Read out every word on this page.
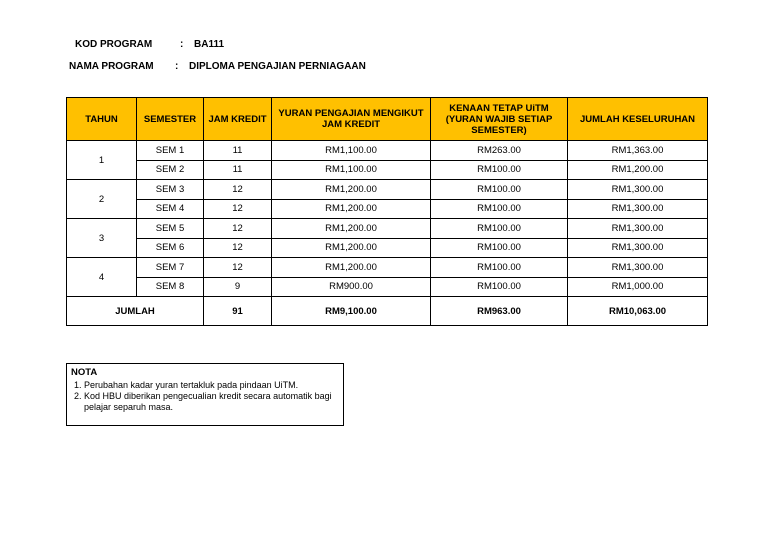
KOD PROGRAM	: BA111
NAMA PROGRAM : DIPLOMA PENGAJIAN PERNIAGAAN
TAHUN	SEMESTER	JAM KREDIT	YURAN PENGAJIAN MENGIKUT JAM KREDIT	KENAAN TETAP UiTM (YURAN WAJIB SETIAP SEMESTER)	JUMLAH KESELURUHAN
1	SEM 1	11	RM1,100.00	RM263.00	RM1,363.00
	SEM 2	11	RM1,100.00	RM100.00	RM1,200.00
2	SEM 3	12	RM1,200.00	RM100.00	RM1,300.00
	SEM 4	12	RM1,200.00	RM100.00	RM1,300.00
3	SEM 5	12	RM1,200.00	RM100.00	RM1,300.00
	SEM 6	12	RM1,200.00	RM100.00	RM1,300.00
4	SEM 7	12	RM1,200.00	RM100.00	RM1,300.00
	SEM 8	9	RM900.00	RM100.00	RM1,000.00
JUMLAH		91	RM9,100.00	RM963.00	RM10,063.00
NOTA
1. Perubahan kadar yuran tertakluk pada pindaan UiTM.
2. Kod HBU diberikan pengecualian kredit secara automatik bagi pelajar separuh masa.
